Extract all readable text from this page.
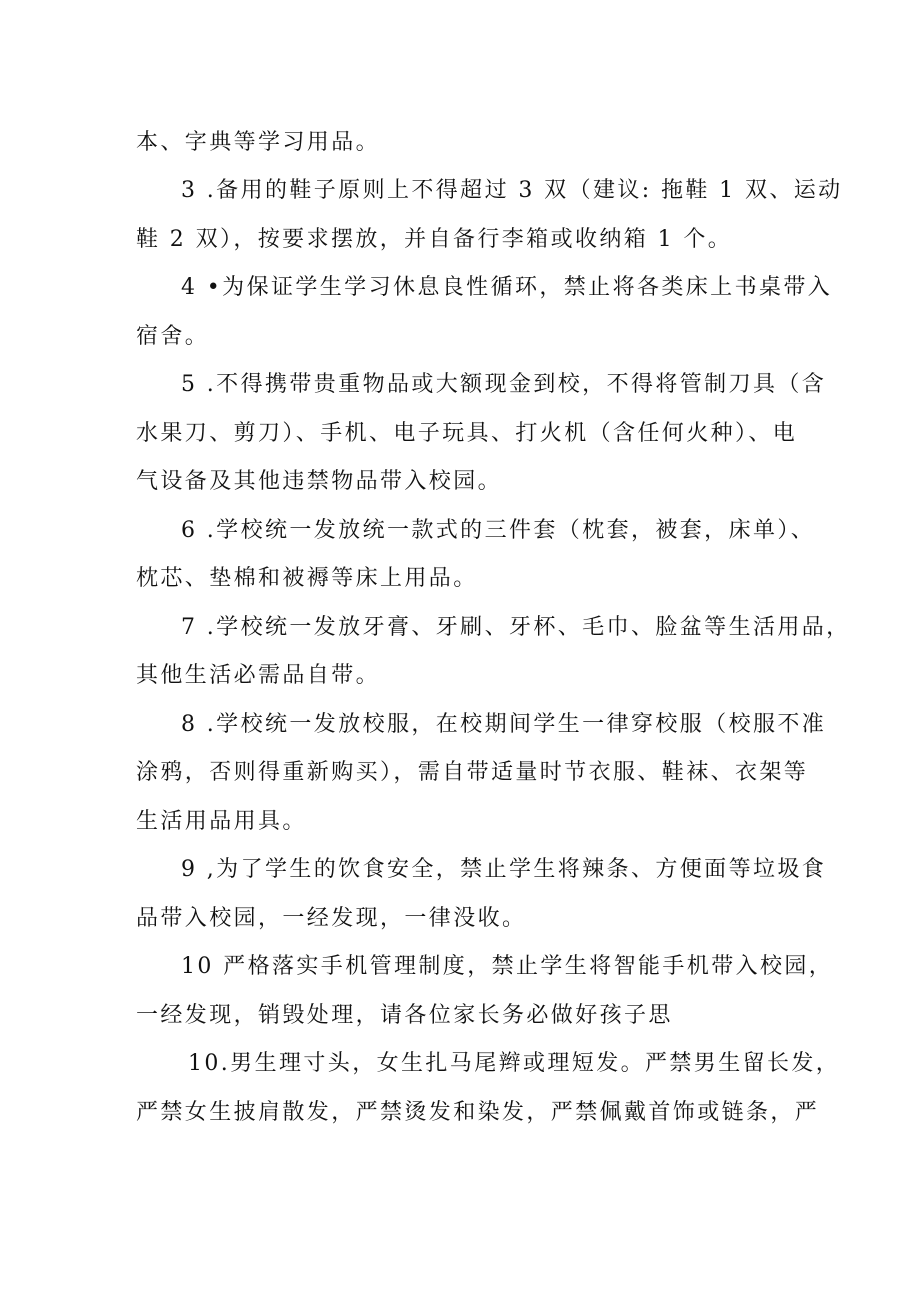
本、字典等学习用品。
3 .备用的鞋子原则上不得超过 3 双（建议: 拖鞋 1 双、运动
鞋 2 双），按要求摆放，并自备行李箱或收纳箱 1 个。
4 •为保证学生学习休息良性循环，禁止将各类床上书桌带入
宿舍。
5 .不得携带贵重物品或大额现金到校，不得将管制刀具（含
水果刀、剪刀）、手机、电子玩具、打火机（含任何火种）、电
气设备及其他违禁物品带入校园。
6 .学校统一发放统一款式的三件套（枕套，被套，床单）、
枕芯、垫棉和被褥等床上用品。
7 .学校统一发放牙膏、牙刷、牙杯、毛巾、脸盆等生活用品，
其他生活必需品自带。
8 .学校统一发放校服，在校期间学生一律穿校服（校服不准
涂鸦，否则得重新购买），需自带适量时节衣服、鞋袜、衣架等
生活用品用具。
9 ,为了学生的饮食安全，禁止学生将辣条、方便面等垃圾食
品带入校园，一经发现，一律没收。
10 严格落实手机管理制度，禁止学生将智能手机带入校园，
一经发现，销毁处理，请各位家长务必做好孩子思
10.男生理寸头，女生扎马尾辫或理短发。严禁男生留长发，
严禁女生披肩散发，严禁烫发和染发，严禁佩戴首饰或链条，严
